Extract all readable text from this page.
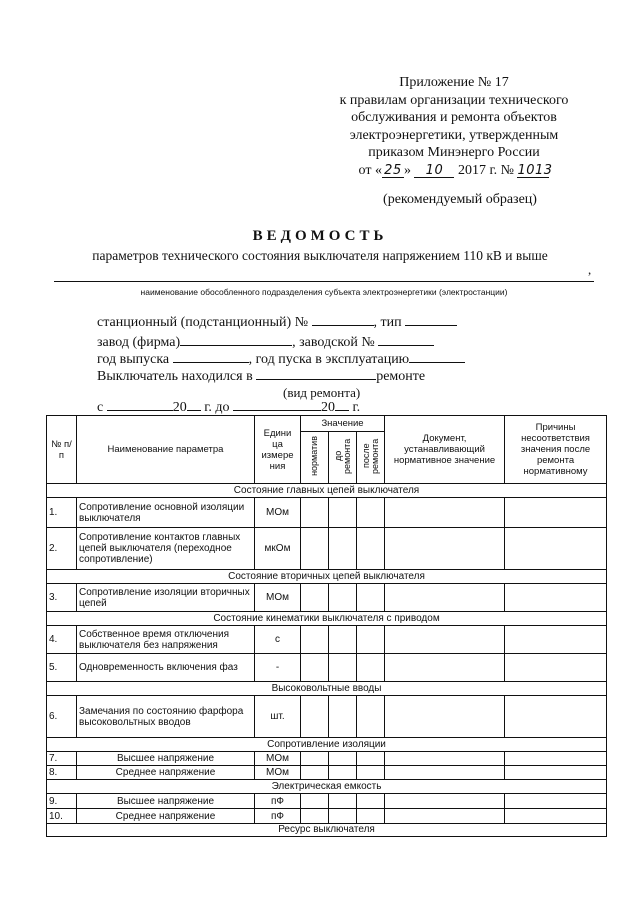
Приложение № 17
к правилам организации технического
обслуживания и ремонта объектов
электроэнергетики, утвержденным
приказом Минэнерго России
от « 25 » 10 2017 г. № 1013
(рекомендуемый образец)
ВЕДОМОСТЬ
параметров технического состояния выключателя напряжением 110 кВ и выше
,
наименование обособленного подразделения субъекта электроэнергетики (электростанции)
станционный (подстанционный) №	, тип
завод (фирма)	, заводской №
год выпуска	, год пуска в эксплуатацию
Выключатель находился в	ремонте
(вид ремонта)
с	20 г. до	20 г.
№ п/п	Наименование параметра	Едини ца измере ния	Значение			Документ, устанавливающий нормативное значение	Причины несоответствия значения после ремонта нормативному
			норматив	до ремонта	после ремонта		
Состояние главных цепей выключателя							
1.	Сопротивление основной изоляции выключателя	МОм					
2.	Сопротивление контактов главных цепей выключателя (переходное сопротивление)	мкОм					
Состояние вторичных цепей выключателя							
3.	Сопротивление изоляции вторичных цепей	МОм					
Состояние кинематики выключателя с приводом							
4.	Собственное время отключения выключателя без напряжения	с					
5.	Одновременность включения фаз	-					
Высоковольтные вводы							
6.	Замечания по состоянию фарфора высоковольтных вводов	шт.					
Сопротивление изоляции							
7.	Высшее напряжение	МОм					
8.	Среднее напряжение	МОм					
Электрическая емкость							
9.	Высшее напряжение	пФ					
10.	Среднее напряжение	пФ					
Ресурс выключателя							
